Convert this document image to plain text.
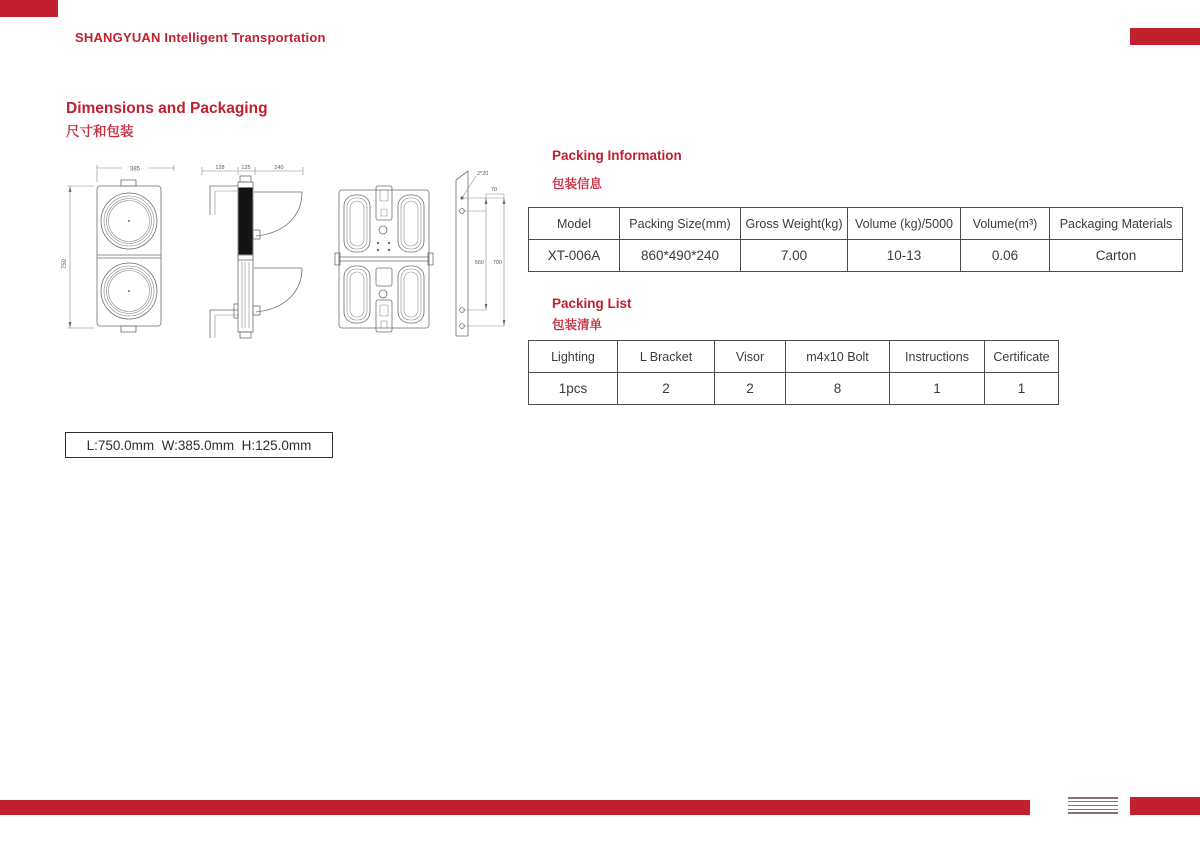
SHANGYUAN Intelligent Transportation
Dimensions and Packaging
尺寸和包装
385
750
128	125	240
2*20
70
560 700
Packing Information
包装信息
Model	Packing Size(mm)	Gross Weight(kg)	Volume (kg)/5000	Volume(m³)	Packaging Materials
XT-006A	860*490*240	7.00	10-13	0.06	Carton
Packing List
包装清单
Lighting	L Bracket	Visor	m4x10 Bolt	Instructions	Certificate
1pcs	2	2	8	1	1
L:750.0mm  W:385.0mm  H:125.0mm
